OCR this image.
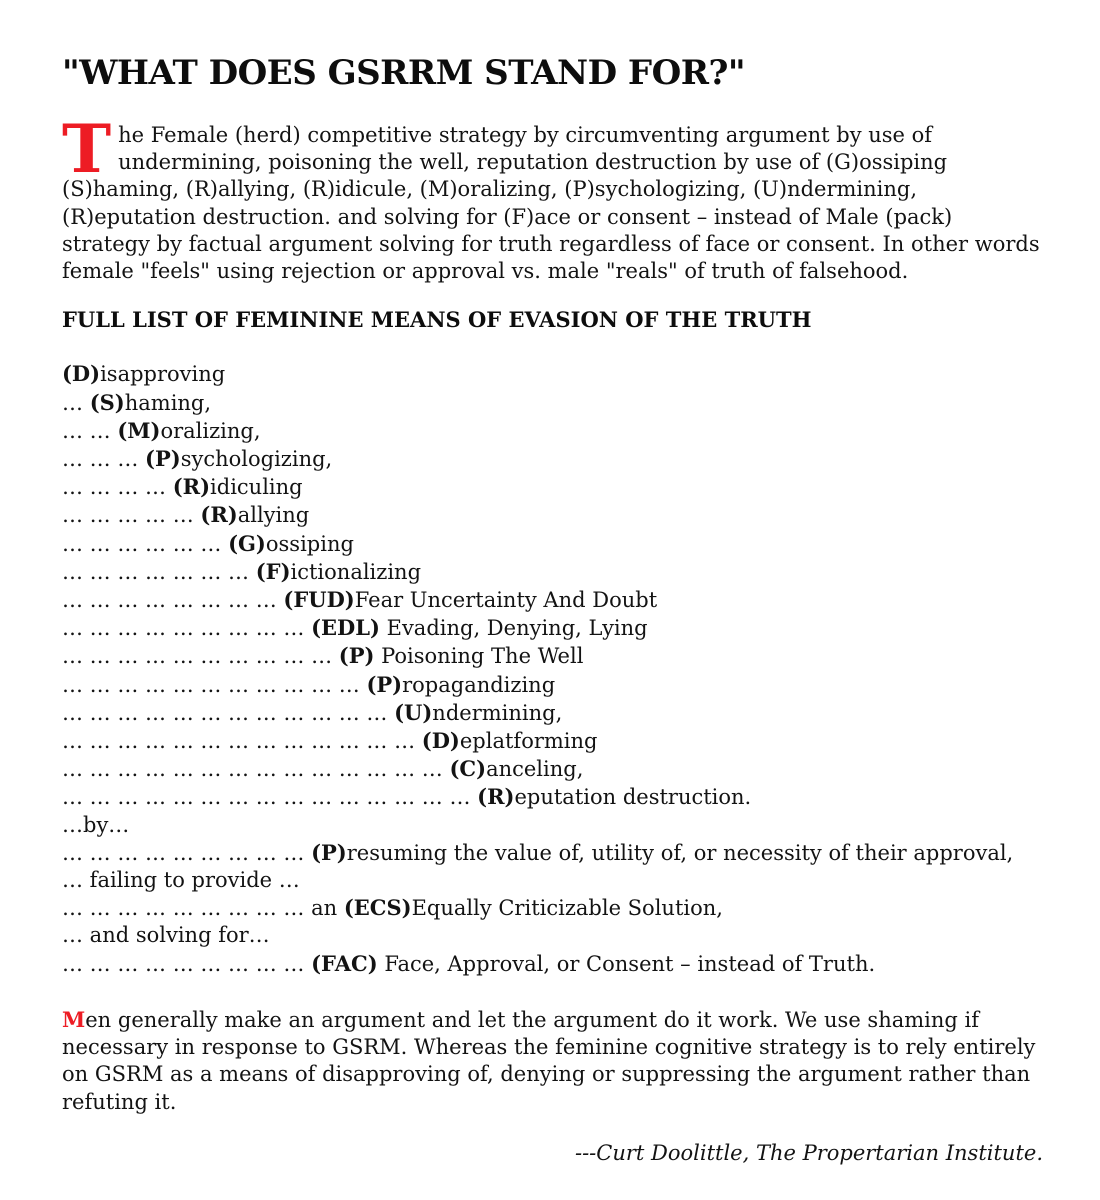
"WHAT DOES GSRRM STAND FOR?"

The Female (herd) competitive strategy by circumventing argument by use of undermining, poisoning the well, reputation destruction by use of (G)ossiping (S)haming, (R)allying, (R)idicule, (M)oralizing, (P)sychologizing, (U)ndermining, (R)eputation destruction. and solving for (F)ace or consent – instead of Male (pack) strategy by factual argument solving for truth regardless of face or consent. In other words female "feels" using rejection or approval vs. male "reals" of truth of falsehood.

FULL LIST OF FEMININE MEANS OF EVASION OF THE TRUTH
(D)isapproving
… (S)haming,
… … (M)oralizing,
… … … (P)sychologizing,
… … … … (R)idiculing
… … … … … (R)allying
… … … … … … (G)ossiping
… … … … … … … (F)ictionalizing
… … … … … … … … (FUD)Fear Uncertainty And Doubt
… … … … … … … … … (EDL) Evading, Denying, Lying
… … … … … … … … … … (P) Poisoning The Well
… … … … … … … … … … … (P)ropagandizing
… … … … … … … … … … … … (U)ndermining,
… … … … … … … … … … … … … (D)eplatforming
… … … … … … … … … … … … … … (C)anceling,
… … … … … … … … … … … … … … … (R)eputation destruction.
…by…
… … … … … … … … … (P)resuming the value of, utility of, or necessity of their approval,
… failing to provide …
… … … … … … … … … an (ECS)Equally Criticizable Solution,
… and solving for…
… … … … … … … … … (FAC) Face, Approval, or Consent – instead of Truth.

Men generally make an argument and let the argument do it work. We use shaming if necessary in response to GSRM. Whereas the feminine cognitive strategy is to rely entirely on GSRM as a means of disapproving of, denying or suppressing the argument rather than refuting it.

---Curt Doolittle, The Propertarian Institute.
